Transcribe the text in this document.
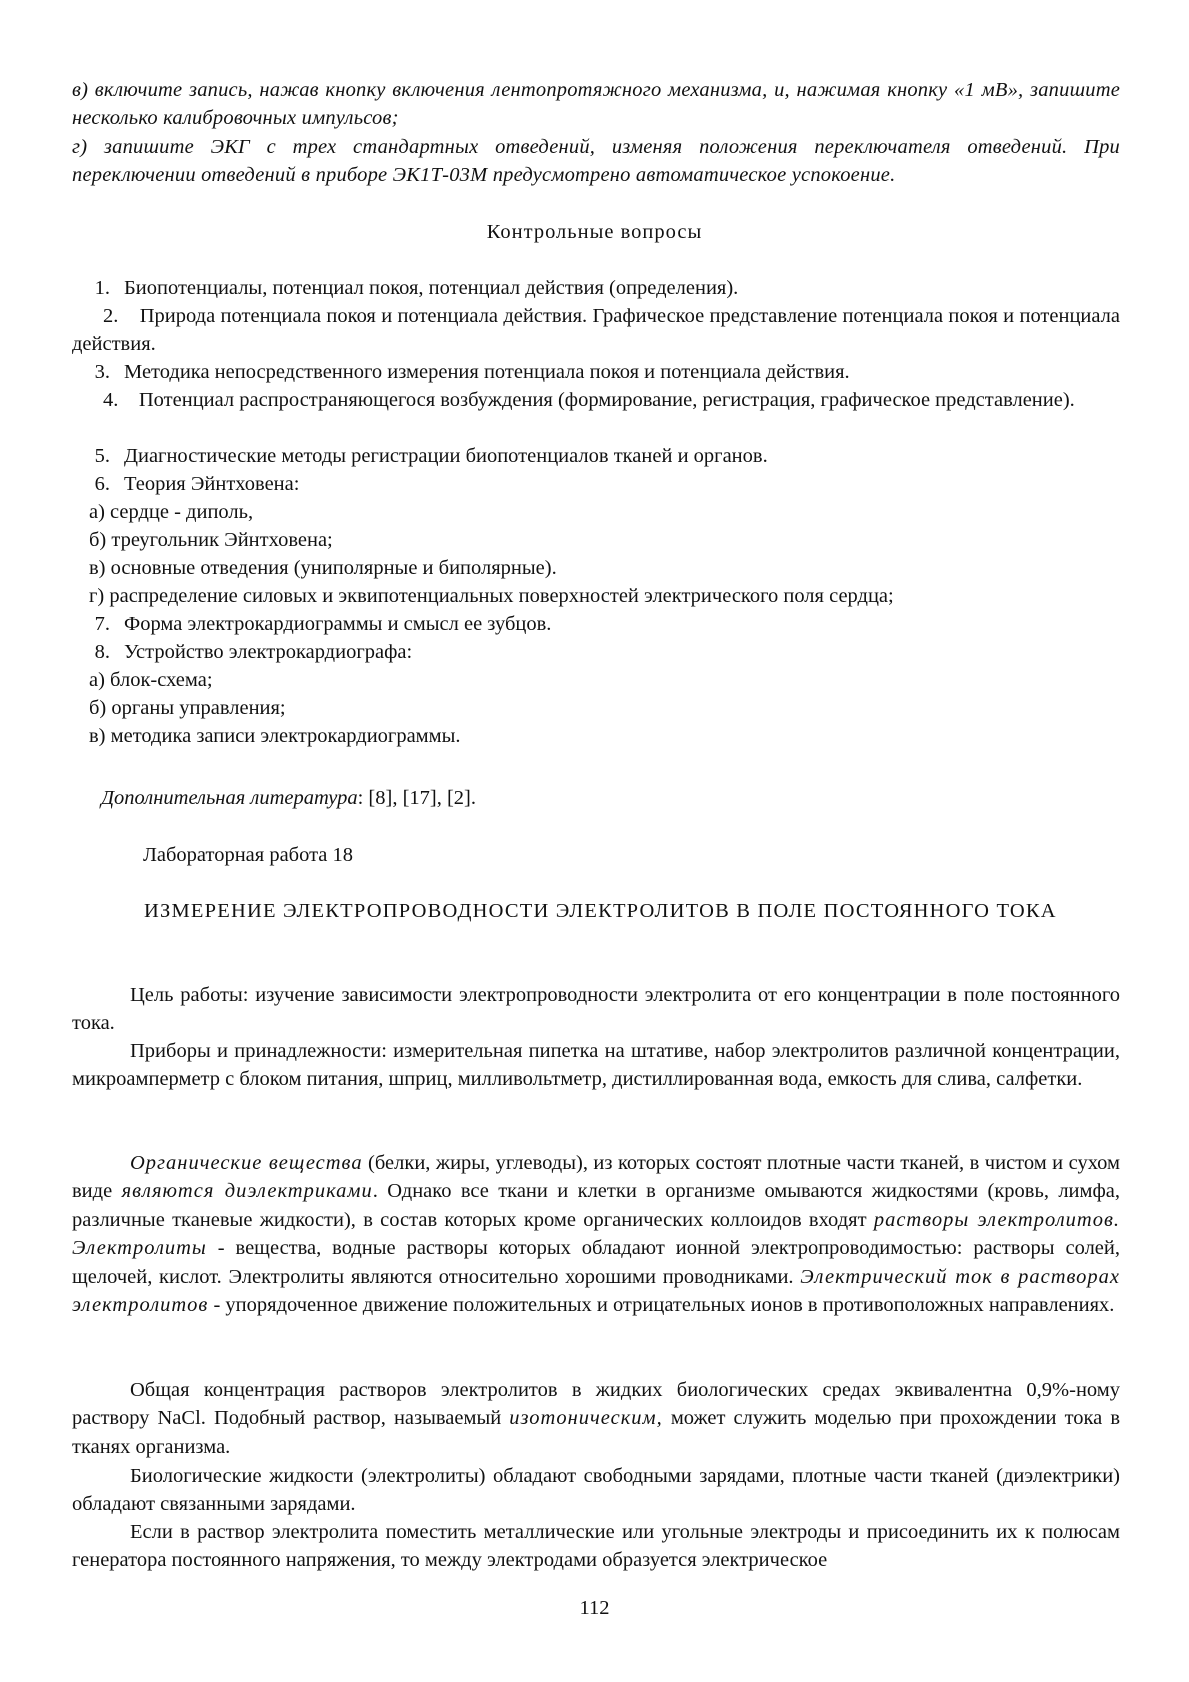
в) включите запись, нажав кнопку включения лентопротяжного механизма, и, нажимая кнопку «1 мВ», запишите несколько калибровочных импульсов;

г) запишите ЭКГ с трех стандартных отведений, изменяя положения переключателя отведений. При переключении отведений в приборе ЭК1Т-03М предусмотрено автоматическое успокоение.

Контрольные вопросы

1. Биопотенциалы, потенциал покоя, потенциал действия (определения).

2. Природа потенциала покоя и потенциала действия. Графическое представление потенциала покоя и потенциала действия.

3. Методика непосредственного измерения потенциала покоя и потенциала действия.

4. Потенциал распространяющегося возбуждения (формирование, регистрация, графическое представление).

5. Диагностические методы регистрации биопотенциалов тканей и органов.

6. Теория Эйнтховена:

а) сердце - диполь,

б) треугольник Эйнтховена;

в) основные отведения (униполярные и биполярные).

г) распределение силовых и эквипотенциальных поверхностей электрического поля сердца;

7. Форма электрокардиограммы и смысл ее зубцов.

8. Устройство электрокардиографа:

а) блок-схема;

б) органы управления;

в) методика записи электрокардиограммы.

Дополнительная литература: [8], [17], [2].

Лабораторная работа 18

ИЗМЕРЕНИЕ ЭЛЕКТРОПРОВОДНОСТИ ЭЛЕКТРОЛИТОВ В ПОЛЕ ПОСТОЯННОГО ТОКА

Цель работы: изучение зависимости электропроводности электролита от его концентрации в поле постоянного тока.

Приборы и принадлежности: измерительная пипетка на штативе, набор электролитов различной концентрации, микроамперметр с блоком питания, шприц, милливольтметр, дистиллированная вода, емкость для слива, салфетки.

Органические вещества (белки, жиры, углеводы), из которых состоят плотные части тканей, в чистом и сухом виде являются диэлектриками. Однако все ткани и клетки в организме омываются жидкостями (кровь, лимфа, различные тканевые жидкости), в состав которых кроме органических коллоидов входят растворы электролитов. Электролиты - вещества, водные растворы которых обладают ионной электропроводимостью: растворы солей, щелочей, кислот. Электролиты являются относительно хорошими проводниками. Электрический ток в растворах электролитов - упорядоченное движение положительных и отрицательных ионов в противоположных направлениях.

Общая концентрация растворов электролитов в жидких биологических средах эквивалентна 0,9%-ному раствору NaCl. Подобный раствор, называемый изотоническим, может служить моделью при прохождении тока в тканях организма.

Биологические жидкости (электролиты) обладают свободными зарядами, плотные части тканей (диэлектрики) обладают связанными зарядами.

Если в раствор электролита поместить металлические или угольные электроды и присоединить их к полюсам генератора постоянного напряжения, то между электродами образуется электрическое

112
